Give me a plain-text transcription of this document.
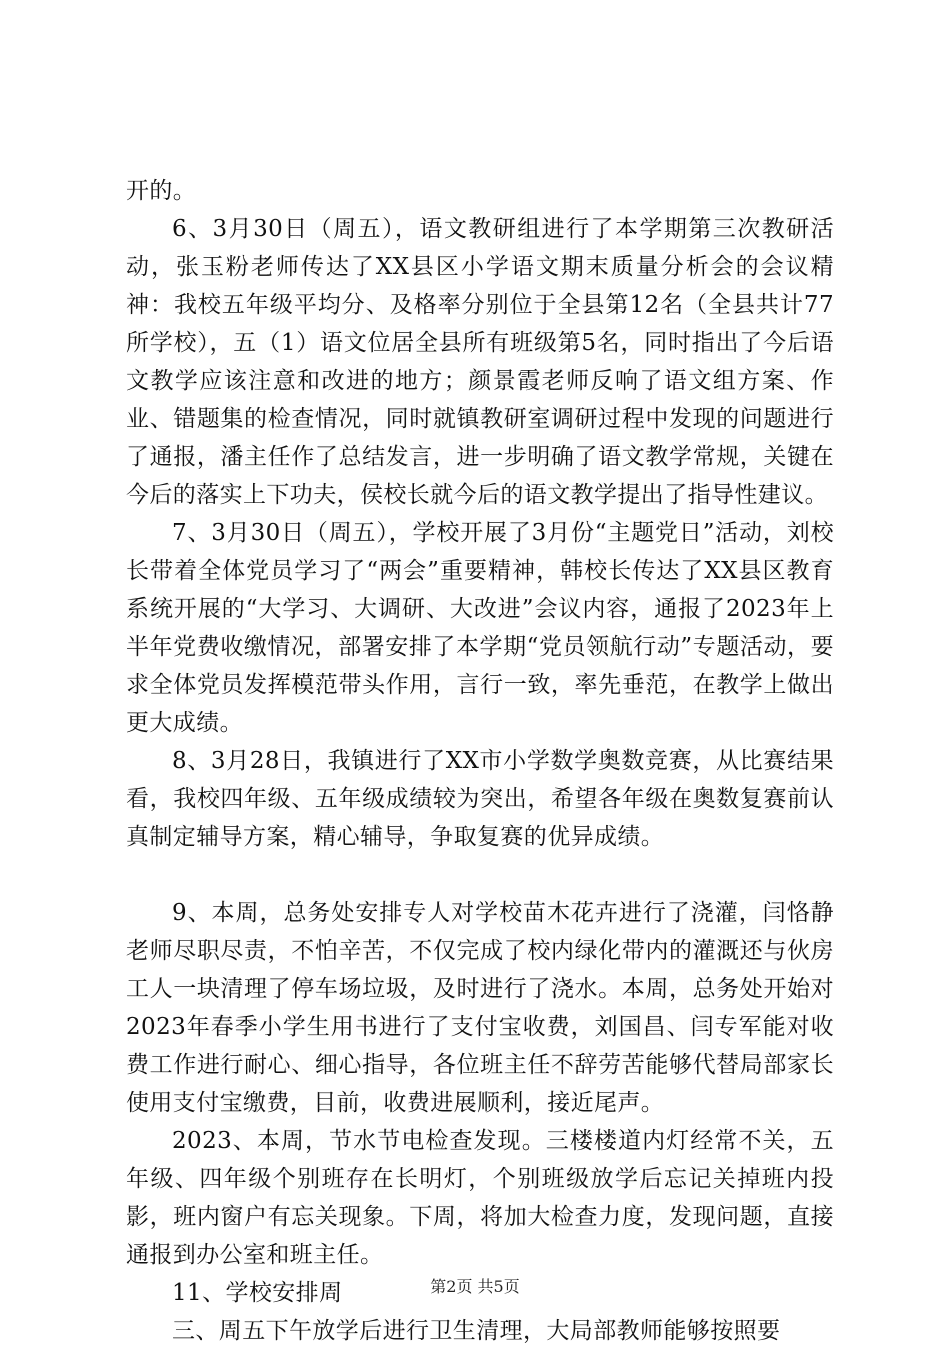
开的。

6、3月30日（周五），语文教研组进行了本学期第三次教研活动，张玉粉老师传达了XX县区小学语文期末质量分析会的会议精神：我校五年级平均分、及格率分别位于全县第12名（全县共计77所学校），五（1）语文位居全县所有班级第5名，同时指出了今后语文教学应该注意和改进的地方；颜景霞老师反响了语文组方案、作业、错题集的检查情况，同时就镇教研室调研过程中发现的问题进行了通报，潘主任作了总结发言，进一步明确了语文教学常规，关键在今后的落实上下功夫，侯校长就今后的语文教学提出了指导性建议。

7、3月30日（周五），学校开展了3月份“主题党日”活动，刘校长带着全体党员学习了“两会”重要精神，韩校长传达了XX县区教育系统开展的“大学习、大调研、大改进”会议内容，通报了2023年上半年党费收缴情况，部署安排了本学期“党员领航行动”专题活动，要求全体党员发挥模范带头作用，言行一致，率先垂范，在教学上做出更大成绩。

8、3月28日，我镇进行了XX市小学数学奥数竞赛，从比赛结果看，我校四年级、五年级成绩较为突出，希望各年级在奥数复赛前认真制定辅导方案，精心辅导，争取复赛的优异成绩。

9、本周，总务处安排专人对学校苗木花卉进行了浇灌，闫恪静老师尽职尽责，不怕辛苦，不仅完成了校内绿化带内的灌溉还与伙房工人一块清理了停车场垃圾，及时进行了浇水。本周，总务处开始对2023年春季小学生用书进行了支付宝收费，刘国昌、闫专军能对收费工作进行耐心、细心指导，各位班主任不辞劳苦能够代替局部家长使用支付宝缴费，目前，收费进展顺利，接近尾声。

2023、本周，节水节电检查发现。三楼楼道内灯经常不关，五年级、四年级个别班存在长明灯，个别班级放学后忘记关掉班内投影，班内窗户有忘关现象。下周，将加大检查力度，发现问题，直接通报到办公室和班主任。

11、学校安排周

三、周五下午放学后进行卫生清理，大局部教师能够按照要

第2页 共5页
